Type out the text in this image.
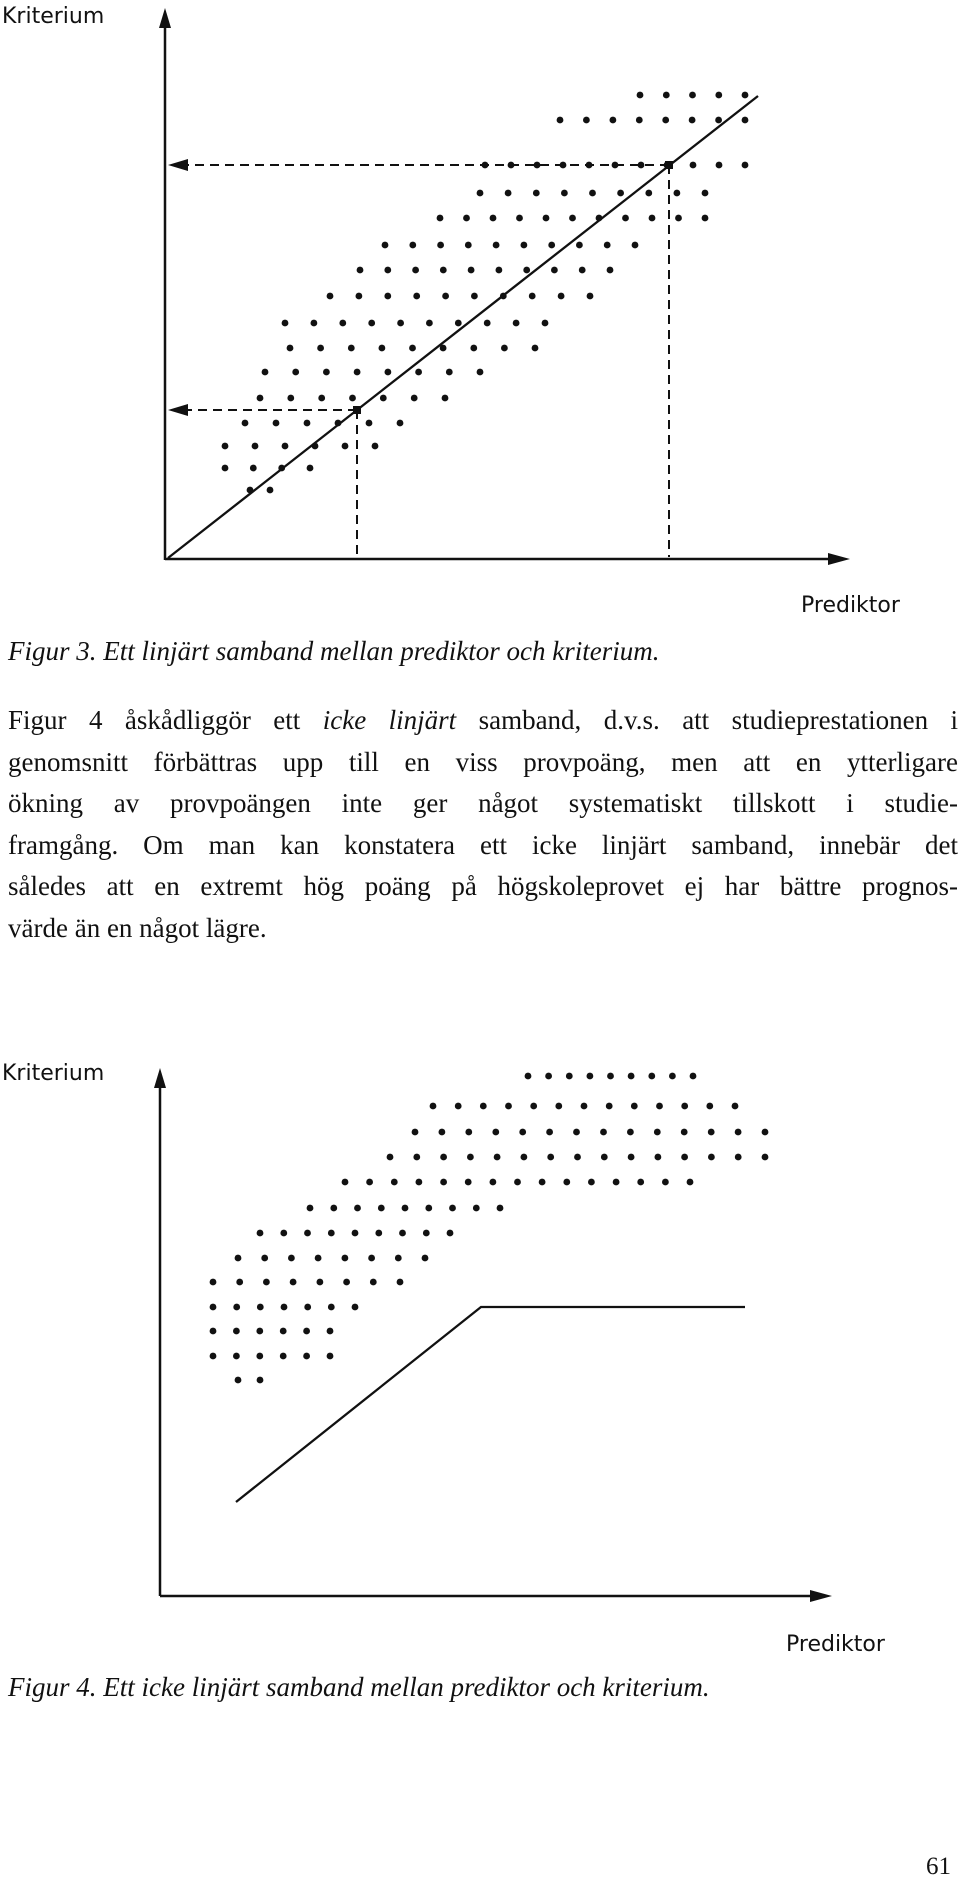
Kriterium
Prediktor
Figur 3. Ett linjärt samband mellan prediktor och kriterium.
Figur 4 åskådliggör ett icke linjärt samband, d.v.s. att studieprestationen i
genomsnitt förbättras upp till en viss provpoäng, men att en ytterligare
ökning av provpoängen inte ger något systematiskt tillskott i studie-
framgång. Om man kan konstatera ett icke linjärt samband, innebär det
således att en extremt hög poäng på högskoleprovet ej har bättre prognos-
värde än en något lägre.
Kriterium
Prediktor
Figur 4. Ett icke linjärt samband mellan prediktor och kriterium.
61
